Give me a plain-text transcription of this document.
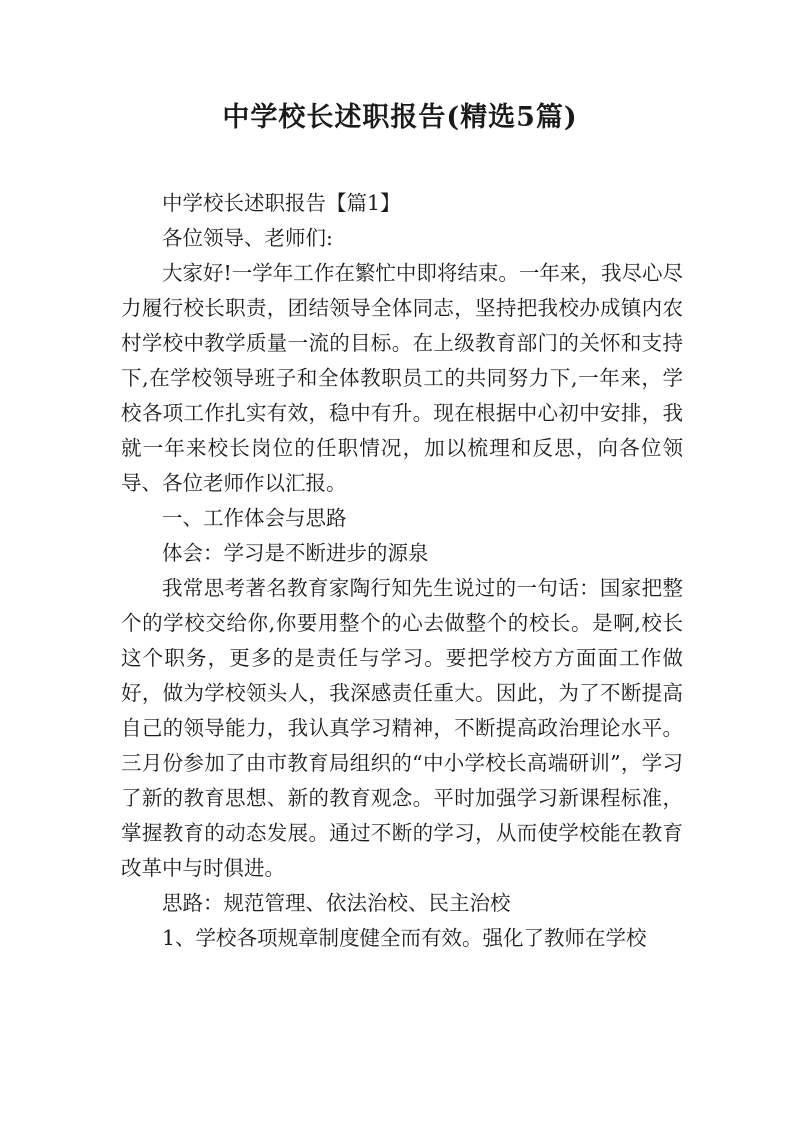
中学校长述职报告(精选5篇)

中学校长述职报告【篇1】

各位领导、老师们:

大家好!一学年工作在繁忙中即将结束。一年来，我尽心尽力履行校长职责，团结领导全体同志，坚持把我校办成镇内农村学校中教学质量一流的目标。在上级教育部门的关怀和支持下,在学校领导班子和全体教职员工的共同努力下,一年来，学校各项工作扎实有效，稳中有升。现在根据中心初中安排，我就一年来校长岗位的任职情况，加以梳理和反思，向各位领导、各位老师作以汇报。

一、工作体会与思路

体会：学习是不断进步的源泉

我常思考著名教育家陶行知先生说过的一句话：国家把整个的学校交给你,你要用整个的心去做整个的校长。是啊,校长这个职务，更多的是责任与学习。要把学校方方面面工作做好，做为学校领头人，我深感责任重大。因此，为了不断提高自己的领导能力，我认真学习精神，不断提高政治理论水平。三月份参加了由市教育局组织的“中小学校长高端研训”，学习了新的教育思想、新的教育观念。平时加强学习新课程标准，掌握教育的动态发展。通过不断的学习，从而使学校能在教育改革中与时俱进。

思路：规范管理、依法治校、民主治校

1、学校各项规章制度健全而有效。强化了教师在学校
